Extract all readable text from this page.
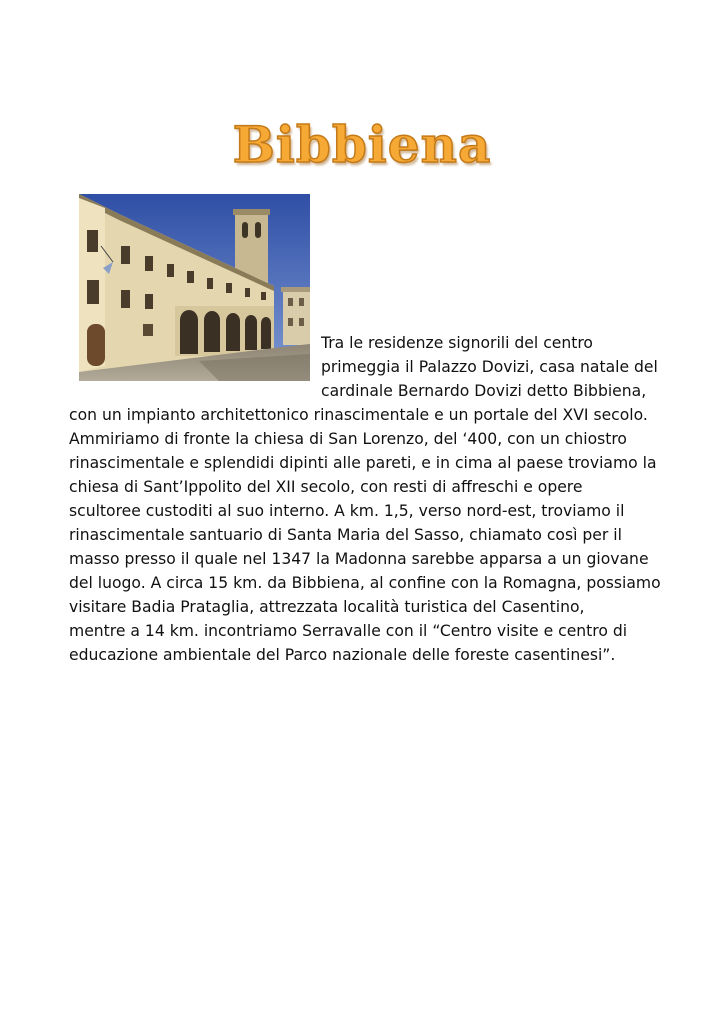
Bibbiena

Tra le residenze signorili del centro

primeggia il Palazzo Dovizi, casa natale del

cardinale Bernardo Dovizi detto Bibbiena,

con un impianto architettonico rinascimentale e un portale del XVI secolo.

Ammiriamo di fronte la chiesa di San Lorenzo, del ‘400, con un chiostro

rinascimentale e splendidi dipinti alle pareti, e in cima al paese troviamo la

chiesa di Sant’Ippolito del XII secolo, con resti di affreschi e opere

scultoree custoditi al suo interno. A km. 1,5, verso nord-est, troviamo il

rinascimentale santuario di Santa Maria del Sasso, chiamato così per il

masso presso il quale nel 1347 la Madonna sarebbe apparsa a un giovane

del luogo. A circa 15 km. da Bibbiena, al confine con la Romagna, possiamo

visitare Badia Prataglia, attrezzata località turistica del Casentino,

mentre a 14 km. incontriamo Serravalle con il “Centro visite e centro di

educazione ambientale del Parco nazionale delle foreste casentinesi”.
